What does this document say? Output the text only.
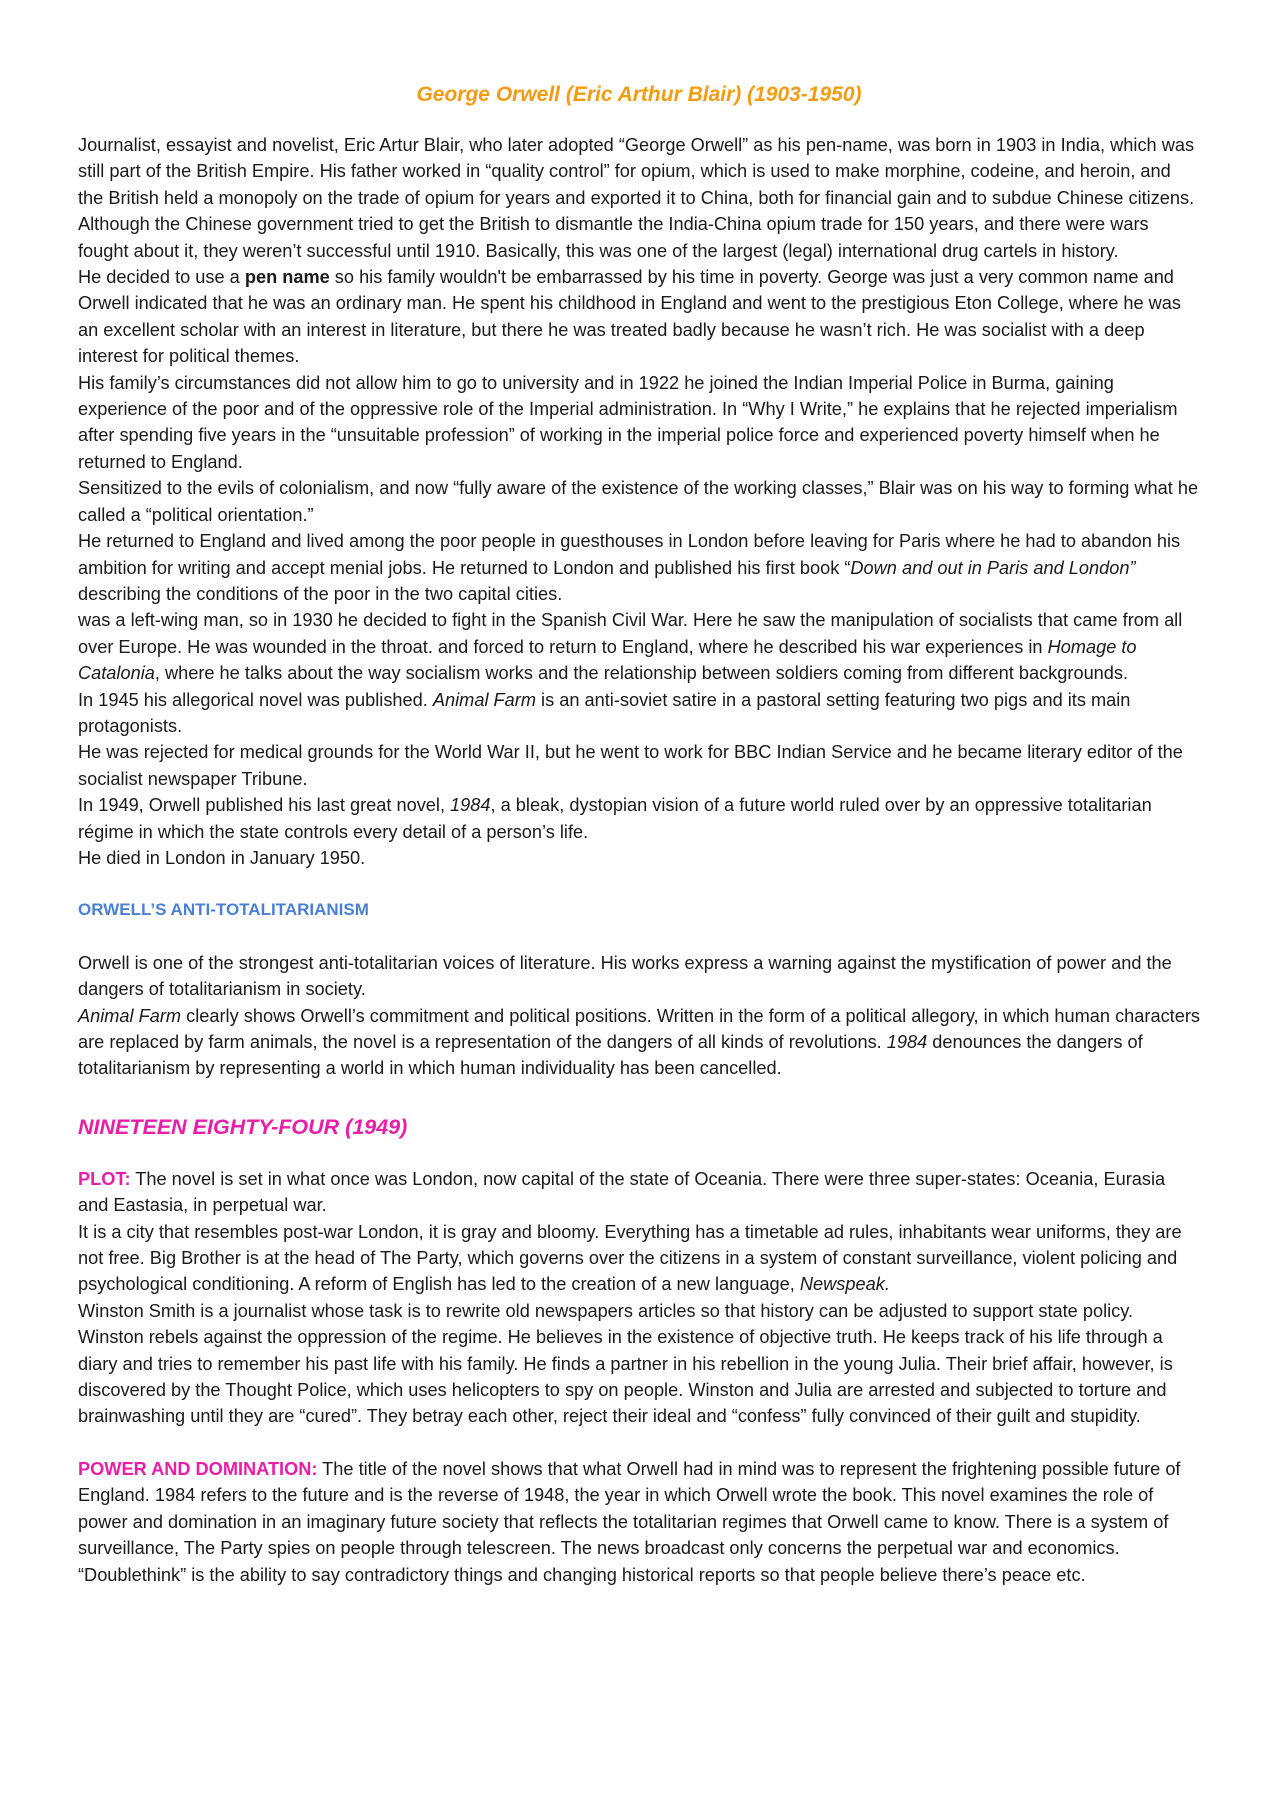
George Orwell (Eric Arthur Blair) (1903-1950)

Journalist, essayist and novelist, Eric Artur Blair, who later adopted “George Orwell” as his pen-name, was born in 1903 in India, which was still part of the British Empire. His father worked in “quality control” for opium, which is used to make morphine, codeine, and heroin, and the British held a monopoly on the trade of opium for years and exported it to China, both for financial gain and to subdue Chinese citizens.

Although the Chinese government tried to get the British to dismantle the India-China opium trade for 150 years, and there were wars fought about it, they weren’t successful until 1910. Basically, this was one of the largest (legal) international drug cartels in history.

He decided to use a pen name so his family wouldn't be embarrassed by his time in poverty. George was just a very common name and Orwell indicated that he was an ordinary man. He spent his childhood in England and went to the prestigious Eton College, where he was an excellent scholar with an interest in literature, but there he was treated badly because he wasn’t rich. He was socialist with a deep interest for political themes.

His family’s circumstances did not allow him to go to university and in 1922 he joined the Indian Imperial Police in Burma, gaining experience of the poor and of the oppressive role of the Imperial administration. In “Why I Write,” he explains that he rejected imperialism after spending five years in the “unsuitable profession” of working in the imperial police force and experienced poverty himself when he returned to England.

Sensitized to the evils of colonialism, and now “fully aware of the existence of the working classes,” Blair was on his way to forming what he called a “political orientation.”

He returned to England and lived among the poor people in guesthouses in London before leaving for Paris where he had to abandon his ambition for writing and accept menial jobs. He returned to London and published his first book “Down and out in Paris and London” describing the conditions of the poor in the two capital cities.

was a left-wing man, so in 1930 he decided to fight in the Spanish Civil War. Here he saw the manipulation of socialists that came from all over Europe. He was wounded in the throat. and forced to return to England, where he described his war experiences in Homage to Catalonia, where he talks about the way socialism works and the relationship between soldiers coming from different backgrounds.

In 1945 his allegorical novel was published. Animal Farm is an anti-soviet satire in a pastoral setting featuring two pigs and its main protagonists.

He was rejected for medical grounds for the World War II, but he went to work for BBC Indian Service and he became literary editor of the socialist newspaper Tribune.

In 1949, Orwell published his last great novel, 1984, a bleak, dystopian vision of a future world ruled over by an oppressive totalitarian régime in which the state controls every detail of a person’s life.

He died in London in January 1950.

ORWELL’S ANTI-TOTALITARIANISM

Orwell is one of the strongest anti-totalitarian voices of literature. His works express a warning against the mystification of power and the dangers of totalitarianism in society.

Animal Farm clearly shows Orwell’s commitment and political positions. Written in the form of a political allegory, in which human characters are replaced by farm animals, the novel is a representation of the dangers of all kinds of revolutions. 1984 denounces the dangers of totalitarianism by representing a world in which human individuality has been cancelled.

NINETEEN EIGHTY-FOUR (1949)

PLOT: The novel is set in what once was London, now capital of the state of Oceania. There were three super-states: Oceania, Eurasia and Eastasia, in perpetual war.

It is a city that resembles post-war London, it is gray and bloomy. Everything has a timetable ad rules, inhabitants wear uniforms, they are not free. Big Brother is at the head of The Party, which governs over the citizens in a system of constant surveillance, violent policing and psychological conditioning. A reform of English has led to the creation of a new language, Newspeak.

Winston Smith is a journalist whose task is to rewrite old newspapers articles so that history can be adjusted to support state policy. Winston rebels against the oppression of the regime. He believes in the existence of objective truth. He keeps track of his life through a diary and tries to remember his past life with his family. He finds a partner in his rebellion in the young Julia. Their brief affair, however, is discovered by the Thought Police, which uses helicopters to spy on people. Winston and Julia are arrested and subjected to torture and brainwashing until they are “cured”. They betray each other, reject their ideal and “confess” fully convinced of their guilt and stupidity.

POWER AND DOMINATION: The title of the novel shows that what Orwell had in mind was to represent the frightening possible future of England. 1984 refers to the future and is the reverse of 1948, the year in which Orwell wrote the book. This novel examines the role of power and domination in an imaginary future society that reflects the totalitarian regimes that Orwell came to know. There is a system of surveillance, The Party spies on people through telescreen. The news broadcast only concerns the perpetual war and economics. “Doublethink” is the ability to say contradictory things and changing historical reports so that people believe there’s peace etc.
